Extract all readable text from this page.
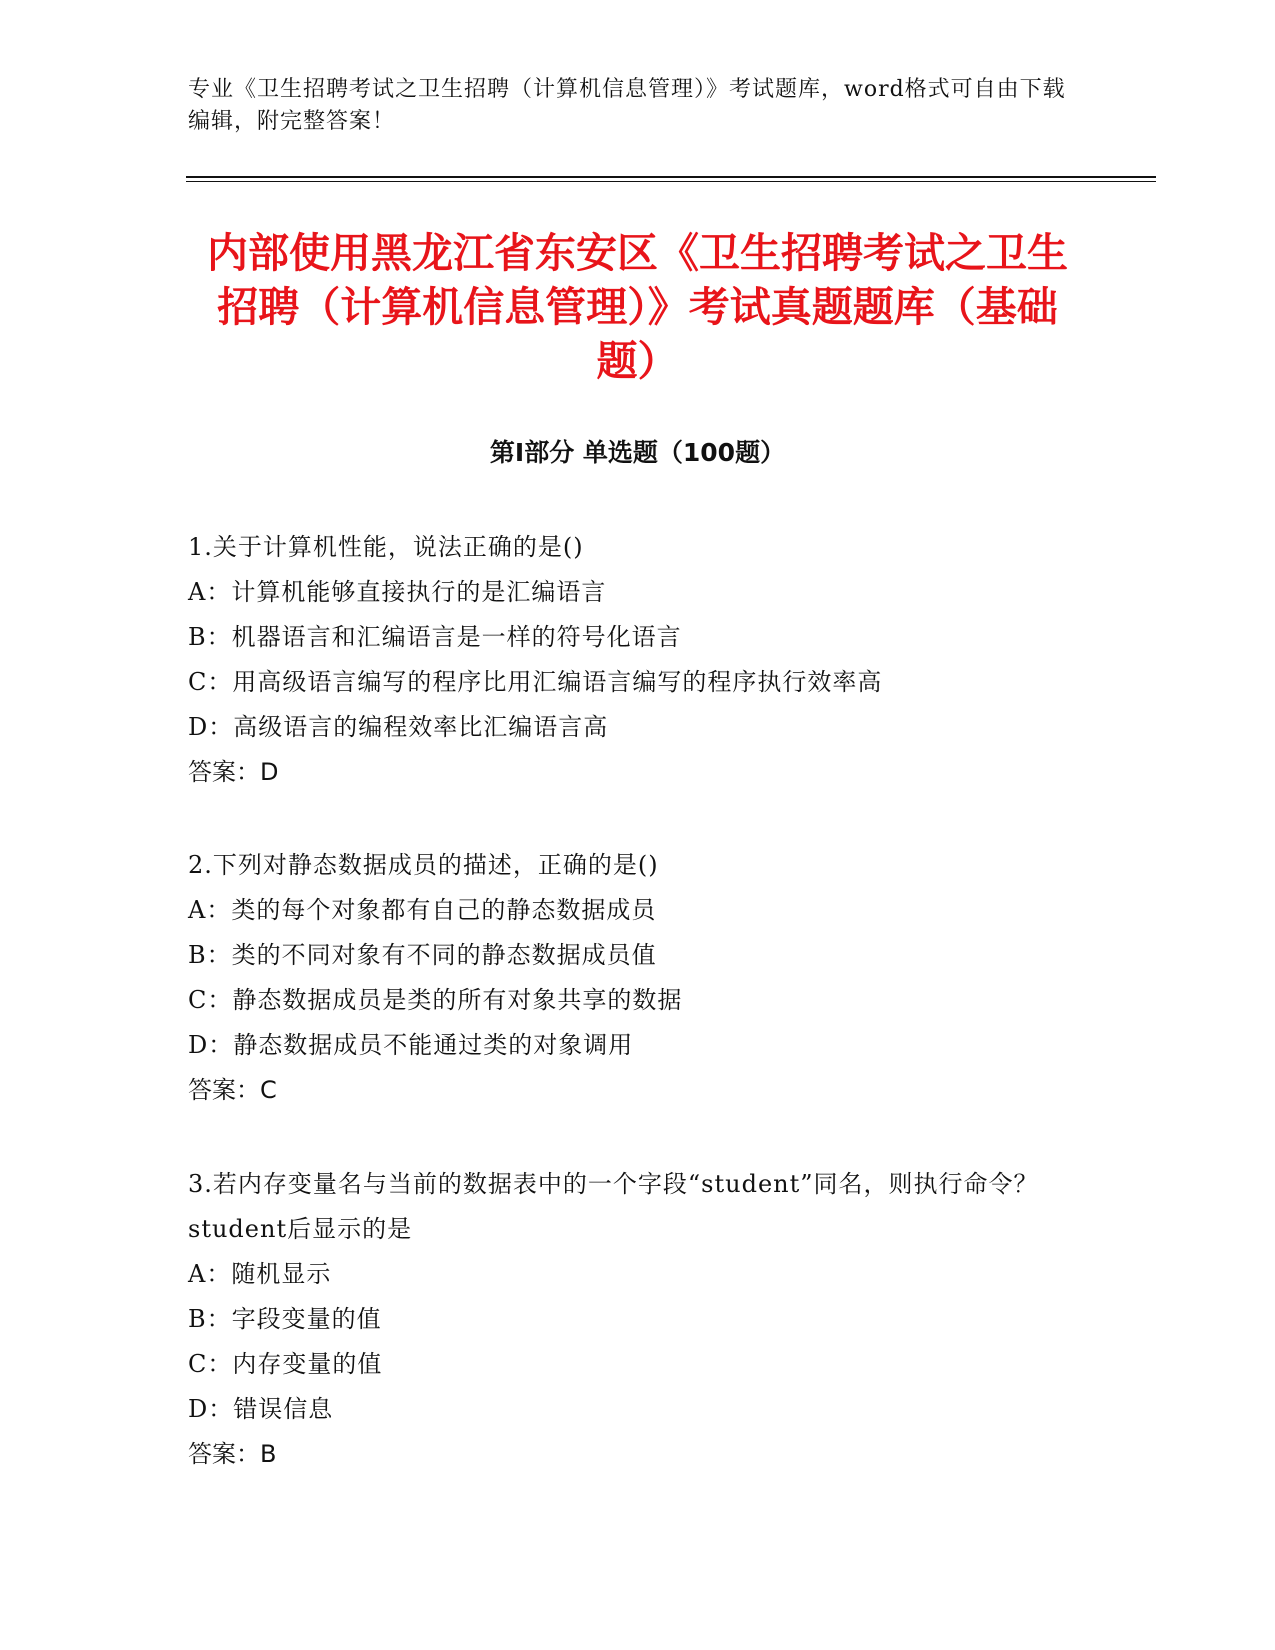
专业《卫生招聘考试之卫生招聘（计算机信息管理）》考试题库，word格式可自由下载编辑，附完整答案！
内部使用黑龙江省东安区《卫生招聘考试之卫生招聘（计算机信息管理）》考试真题题库（基础题）
第Ⅰ部分 单选题（100题）

1.关于计算机性能，说法正确的是()

A：计算机能够直接执行的是汇编语言

B：机器语言和汇编语言是一样的符号化语言

C：用高级语言编写的程序比用汇编语言编写的程序执行效率高

D：高级语言的编程效率比汇编语言高

答案：D

2.下列对静态数据成员的描述，正确的是()

A：类的每个对象都有自己的静态数据成员

B：类的不同对象有不同的静态数据成员值

C：静态数据成员是类的所有对象共享的数据

D：静态数据成员不能通过类的对象调用

答案：C

3.若内存变量名与当前的数据表中的一个字段“student”同名，则执行命令？student后显示的是

A：随机显示

B：字段变量的值

C：内存变量的值

D：错误信息

答案：B
